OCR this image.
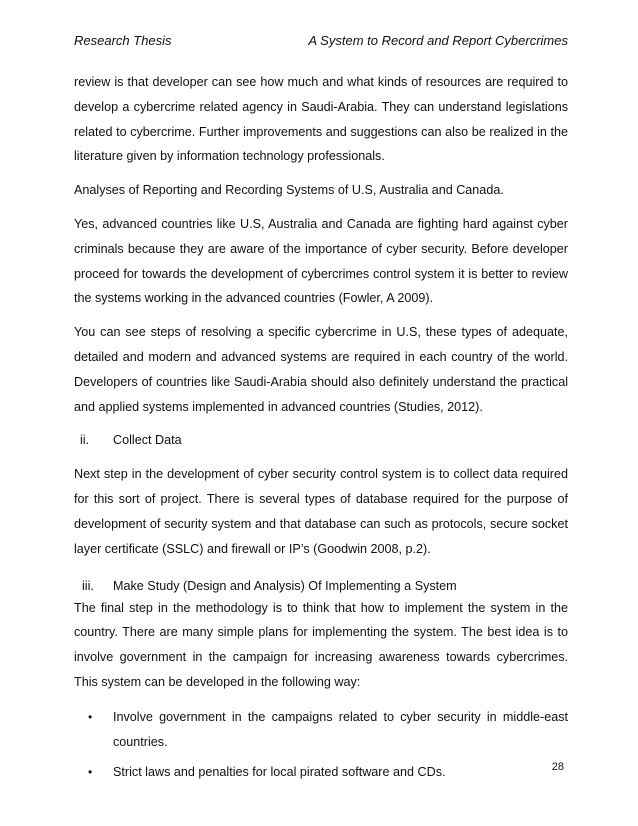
Research Thesis	A System to Record and Report Cybercrimes

review is that developer can see how much and what kinds of resources are required to develop a cybercrime related agency in Saudi-Arabia. They can understand legislations related to cybercrime. Further improvements and suggestions can also be realized in the literature given by information technology professionals.

Analyses of Reporting and Recording Systems of U.S, Australia and Canada.

Yes, advanced countries like U.S, Australia and Canada are fighting hard against cyber criminals because they are aware of the importance of cyber security. Before developer proceed for towards the development of cybercrimes control system it is better to review the systems working in the advanced countries (Fowler, A 2009).

You can see steps of resolving a specific cybercrime in U.S, these types of adequate, detailed and modern and advanced systems are required in each country of the world. Developers of countries like Saudi-Arabia should also definitely understand the practical and applied systems implemented in advanced countries (Studies, 2012).

ii.	Collect Data

Next step in the development of cyber security control system is to collect data required for this sort of project. There is several types of database required for the purpose of development of security system and that database can such as protocols, secure socket layer certificate (SSLC) and firewall or IP’s (Goodwin 2008, p.2).

iii.	Make Study (Design and Analysis) Of Implementing a System

The final step in the methodology is to think that how to implement the system in the country. There are many simple plans for implementing the system. The best idea is to involve government in the campaign for increasing awareness towards cybercrimes. This system can be developed in the following way:

• Involve government in the campaigns related to cyber security in middle-east countries.
• Strict laws and penalties for local pirated software and CDs.	28
